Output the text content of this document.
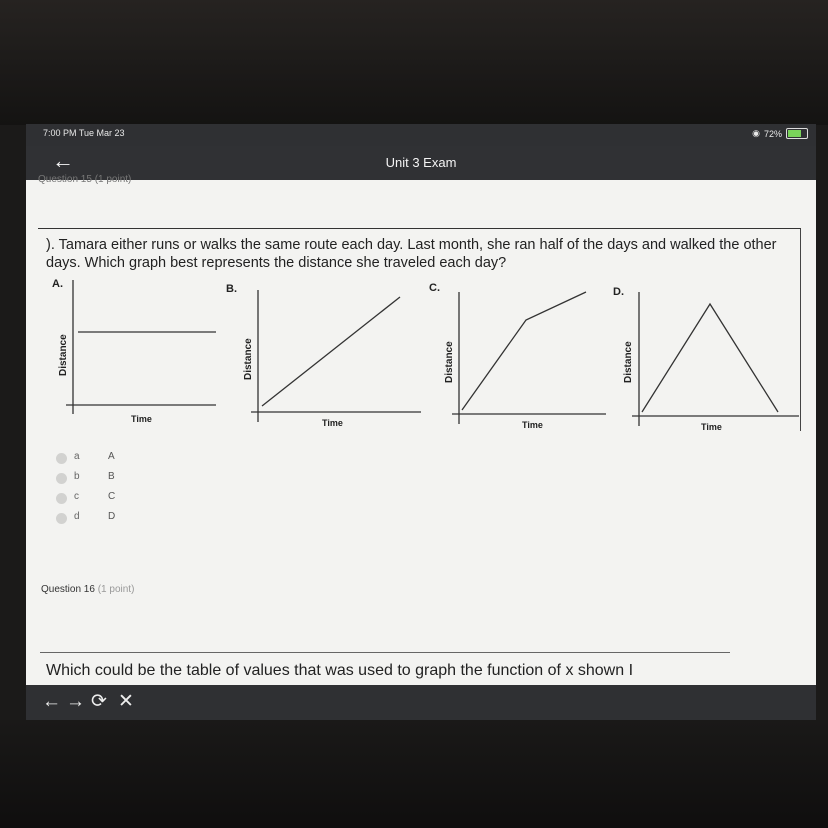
7:00 PM Tue Mar 23	◉ 72%
←	Unit 3 Exam
Question 15 (1 point)
). Tamara either runs or walks the same route each day. Last month, she ran half of the days and walked the other days. Which graph best represents the distance she traveled each day?
A.	B.	C.	D.
Distance	Distance	Distance	Distance
Time	Time	Time	Time
a	A
b	B
c	C
d	D
Question 16 (1 point)
Which could be the table of values that was used to graph the function of x shown I
← → ⟳ ✕
